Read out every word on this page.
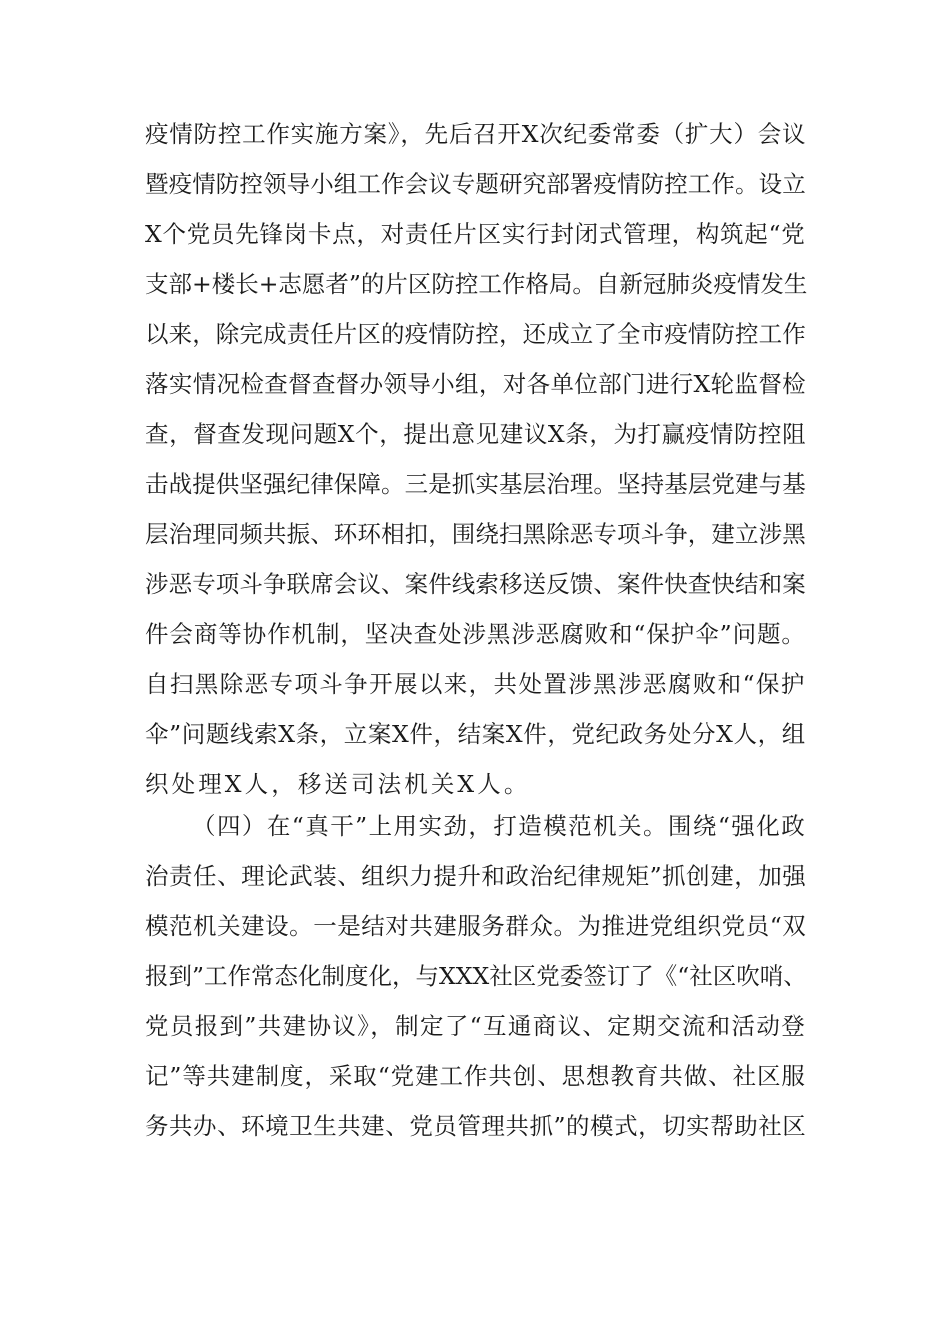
疫情防控工作实施方案》，先后召开X次纪委常委（扩大）会议
暨疫情防控领导小组工作会议专题研究部署疫情防控工作。设立
X个党员先锋岗卡点，对责任片区实行封闭式管理，构筑起“党
支部+楼长+志愿者”的片区防控工作格局。自新冠肺炎疫情发生
以来，除完成责任片区的疫情防控，还成立了全市疫情防控工作
落实情况检查督查督办领导小组，对各单位部门进行X轮监督检
查，督查发现问题X个，提出意见建议X条，为打赢疫情防控阻
击战提供坚强纪律保障。三是抓实基层治理。坚持基层党建与基
层治理同频共振、环环相扣，围绕扫黑除恶专项斗争，建立涉黑
涉恶专项斗争联席会议、案件线索移送反馈、案件快查快结和案
件会商等协作机制，坚决查处涉黑涉恶腐败和“保护伞”问题。
自扫黑除恶专项斗争开展以来，共处置涉黑涉恶腐败和“保护
伞”问题线索X条，立案X件，结案X件，党纪政务处分X人，组
织处理X人，移送司法机关X人。
（四）在“真干”上用实劲，打造模范机关。围绕“强化政
治责任、理论武装、组织力提升和政治纪律规矩”抓创建，加强
模范机关建设。一是结对共建服务群众。为推进党组织党员“双
报到”工作常态化制度化，与XXX社区党委签订了《“社区吹哨、
党员报到”共建协议》，制定了“互通商议、定期交流和活动登
记”等共建制度，采取“党建工作共创、思想教育共做、社区服
务共办、环境卫生共建、党员管理共抓”的模式，切实帮助社区
